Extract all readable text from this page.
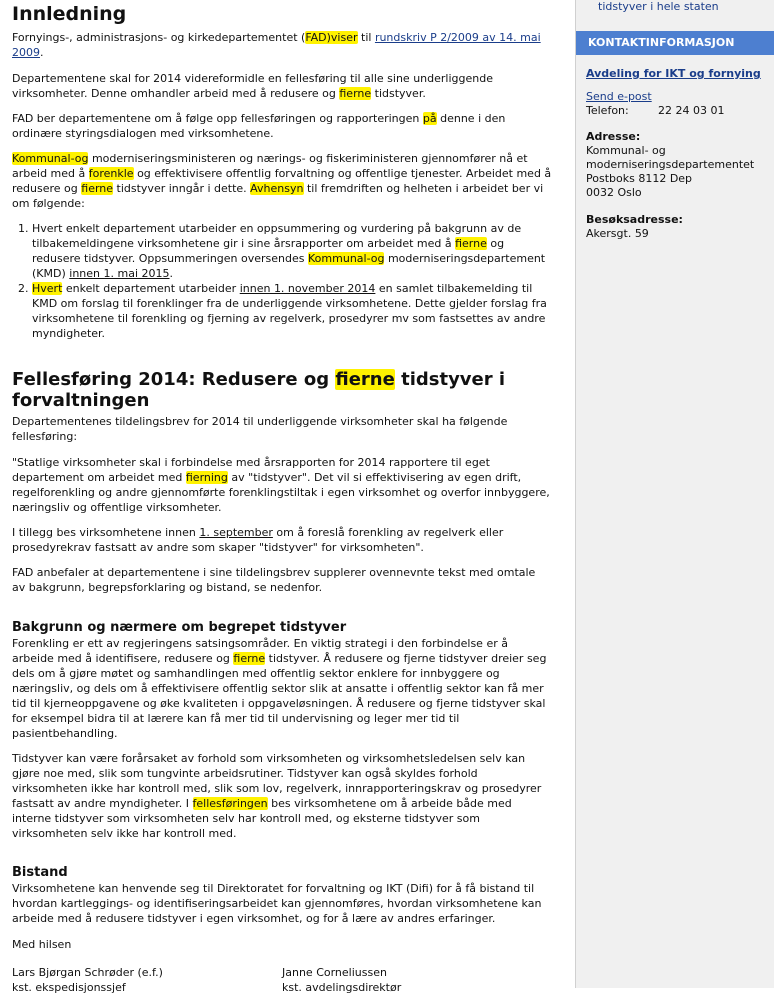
Innledning

Fornyings-, administrasjons- og kirkedepartementet (FAD)viser til rundskriv P 2/2009 av 14. mai 2009.

Departementene skal for 2014 videreformidle en fellesføring til alle sine underliggende virksomheter. Denne omhandler arbeid med å redusere og fierne tidstyver.

FAD ber departementene om å følge opp fellesføringen og rapporteringen på denne i den ordinære styringsdialogen med virksomhetene.

Kommunal-og moderniseringsministeren og nærings- og fiskeriministeren gjennomfører nå et arbeid med å forenkle og effektivisere offentlig forvaltning og offentlige tjenester. Arbeidet med å redusere og fierne tidstyver inngår i dette. Avhensyn til fremdriften og helheten i arbeidet ber vi om følgende:

1. Hvert enkelt departement utarbeider en oppsummering og vurdering på bakgrunn av de tilbakemeldingene virksomhetene gir i sine årsrapporter om arbeidet med å fierne og redusere tidstyver. Oppsummeringen oversendes Kommunal-og moderniseringsdepartement (KMD) innen 1. mai 2015.
2. Hvert enkelt departement utarbeider innen 1. november 2014 en samlet tilbakemelding til KMD om forslag til forenklinger fra de underliggende virksomhetene. Dette gjelder forslag fra virksomhetene til forenkling og fjerning av regelverk, prosedyrer mv som fastsettes av andre myndigheter.
Fellesføring 2014: Redusere og fierne tidstyver i forvaltningen

Departementenes tildelingsbrev for 2014 til underliggende virksomheter skal ha følgende fellesføring:

"Statlige virksomheter skal i forbindelse med årsrapporten for 2014 rapportere til eget departement om arbeidet med fierning av "tidstyver". Det vil si effektivisering av egen drift, regelforenkling og andre gjennomførte forenklingstiltak i egen virksomhet og overfor innbyggere, næringsliv og offentlige virksomheter.

I tillegg bes virksomhetene innen 1. september om å foreslå forenkling av regelverk eller prosedyrekrav fastsatt av andre som skaper "tidstyver" for virksomheten".

FAD anbefaler at departementene i sine tildelingsbrev supplerer ovennevnte tekst med omtale av bakgrunn, begrepsforklaring og bistand, se nedenfor.

Bakgrunn og nærmere om begrepet tidstyver

Forenkling er ett av regjeringens satsingsområder. En viktig strategi i den forbindelse er å arbeide med å identifisere, redusere og fierne tidstyver. Å redusere og fjerne tidstyver dreier seg dels om å gjøre møtet og samhandlingen med offentlig sektor enklere for innbyggere og næringsliv, og dels om å effektivisere offentlig sektor slik at ansatte i offentlig sektor kan få mer tid til kjerneoppgavene og øke kvaliteten i oppgaveløsningen. Å redusere og fjerne tidstyver skal for eksempel bidra til at lærere kan få mer tid til undervisning og leger mer tid til pasientbehandling.

Tidstyver kan være forårsaket av forhold som virksomheten og virksomhetsledelsen selv kan gjøre noe med, slik som tungvinte arbeidsrutiner. Tidstyver kan også skyldes forhold virksomheten ikke har kontroll med, slik som lov, regelverk, innrapporteringskrav og prosedyrer fastsatt av andre myndigheter. I fellesføringen bes virksomhetene om å arbeide både med interne tidstyver som virksomheten selv har kontroll med, og eksterne tidstyver som virksomheten selv ikke har kontroll med.

Bistand

Virksomhetene kan henvende seg til Direktoratet for forvaltning og IKT (Difi) for å få bistand til hvordan kartleggings- og identifiseringsarbeidet kan gjennomføres, hvordan virksomhetene kan arbeide med å redusere tidstyver i egen virksomhet, og for å lære av andres erfaringer.

Med hilsen

Lars Bjørgan Schrøder (e.f.)
kst. ekspedisjonssjef
Janne Corneliussen
kst. avdelingsdirektør
tidstyver i hele staten
KONTAKTINFORMASJON
Avdeling for IKT og fornying
Send e-post
Telefon:	22 24 03 01
Adresse:
Kommunal- og
moderniseringsdepartementet
Postboks 8112 Dep
0032 Oslo
Besøksadresse:
Akersgt. 59
